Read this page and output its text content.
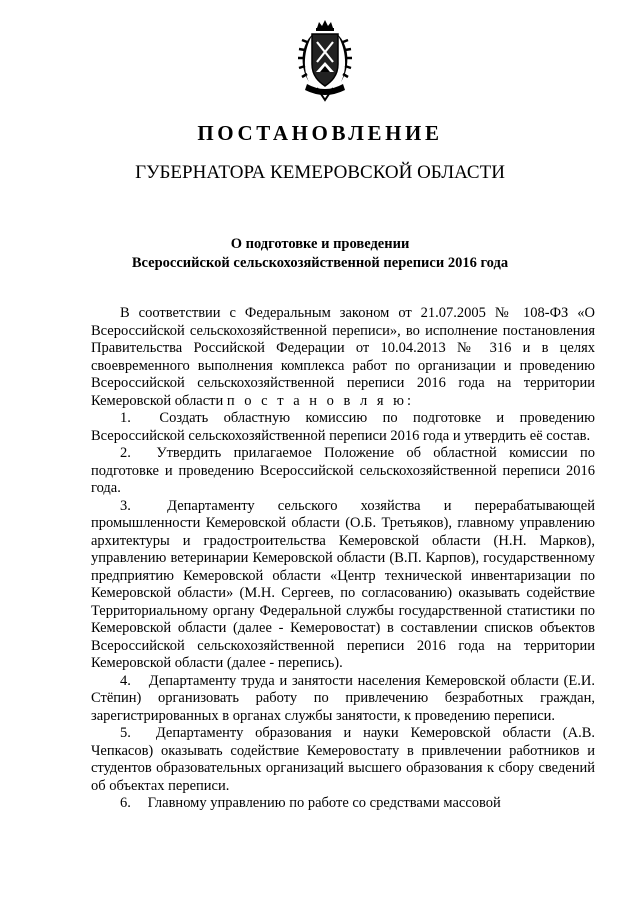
ПОСТАНОВЛЕНИЕ
ГУБЕРНАТОРА КЕМЕРОВСКОЙ ОБЛАСТИ
О подготовке и проведении
Всероссийской сельскохозяйственной переписи 2016 года

В соответствии с Федеральным законом от 21.07.2005 № 108-ФЗ «О Всероссийской сельскохозяйственной переписи», во исполнение постановления Правительства Российской Федерации от 10.04.2013 № 316 и в целях своевременного выполнения комплекса работ по организации и проведению Всероссийской сельскохозяйственной переписи 2016 года на территории Кемеровской области п о с т а н о в л я ю:

1. Создать областную комиссию по подготовке и проведению Всероссийской сельскохозяйственной переписи 2016 года и утвердить её состав.

2. Утвердить прилагаемое Положение об областной комиссии по подготовке и проведению Всероссийской сельскохозяйственной переписи 2016 года.

3.	Департаменту сельского хозяйства и перерабатывающей промышленности Кемеровской области (О.Б. Третьяков), главному управлению архитектуры и градостроительства Кемеровской области (Н.Н. Марков), управлению ветеринарии Кемеровской области (В.П. Карпов), государственному предприятию Кемеровской области «Центр технической инвентаризации по Кемеровской области» (М.Н. Сергеев, по согласованию) оказывать содействие Территориальному органу Федеральной службы государственной статистики по Кемеровской области (далее - Кемеровостат) в составлении списков объектов Всероссийской сельскохозяйственной переписи 2016 года на территории Кемеровской области (далее - перепись).

4. Департаменту труда и занятости населения Кемеровской области (Е.И. Стёпин) организовать работу по привлечению безработных граждан, зарегистрированных в органах службы занятости, к проведению переписи.

5. Департаменту образования и науки Кемеровской области (А.В. Чепкасов) оказывать содействие Кемеровостату в привлечении работников и студентов образовательных организаций высшего образования к сбору сведений об объектах переписи.

6. Главному управлению по работе со средствами массовой
